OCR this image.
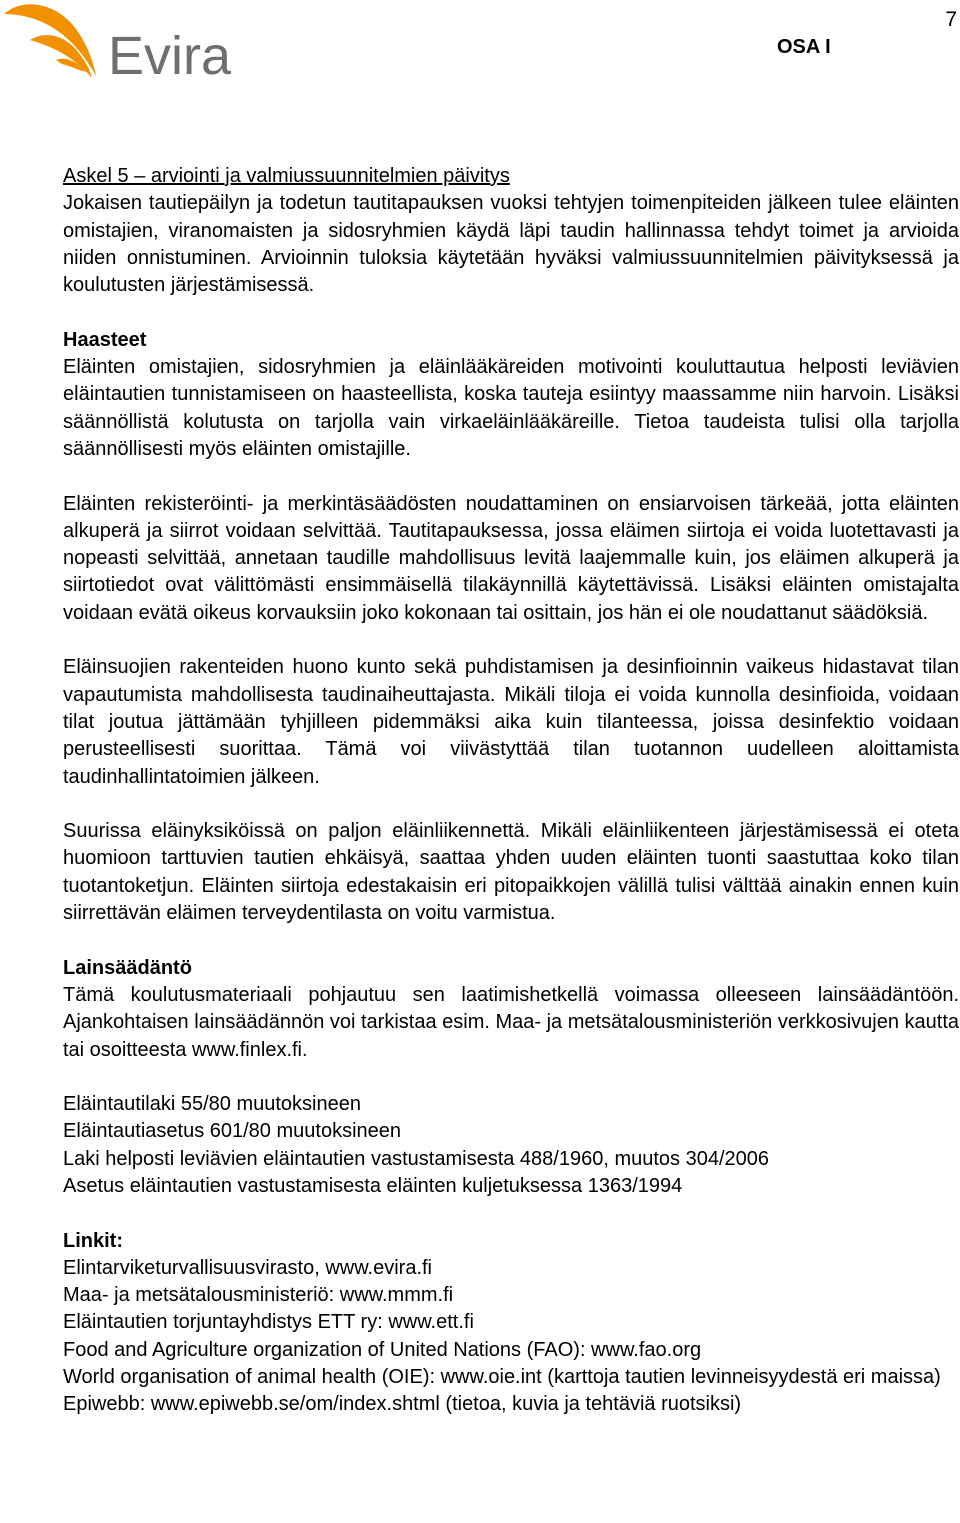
Evira
7
OSA I

Askel 5 – arviointi ja valmiussuunnitelmien päivitys

Jokaisen tautiepäilyn ja todetun tautitapauksen vuoksi tehtyjen toimenpiteiden jälkeen tulee eläinten omistajien, viranomaisten ja sidosryhmien käydä läpi taudin hallinnassa tehdyt toimet ja arvioida niiden onnistuminen. Arvioinnin tuloksia käytetään hyväksi valmiussuunnitelmien päivityksessä ja koulutusten järjestämisessä.

Haasteet

Eläinten omistajien, sidosryhmien ja eläinlääkäreiden motivointi kouluttautua helposti leviävien eläintautien tunnistamiseen on haasteellista, koska tauteja esiintyy maassamme niin harvoin. Lisäksi säännöllistä kolutusta on tarjolla vain virkaeläinlääkäreille. Tietoa taudeista tulisi olla tarjolla säännöllisesti myös eläinten omistajille.

Eläinten rekisteröinti- ja merkintäsäädösten noudattaminen on ensiarvoisen tärkeää, jotta eläinten alkuperä ja siirrot voidaan selvittää. Tautitapauksessa, jossa eläimen siirtoja ei voida luotettavasti ja nopeasti selvittää, annetaan taudille mahdollisuus levitä laajemmalle kuin, jos eläimen alkuperä ja siirtotiedot ovat välittömästi ensimmäisellä tilakäynnillä käytettävissä. Lisäksi eläinten omistajalta voidaan evätä oikeus korvauksiin joko kokonaan tai osittain, jos hän ei ole noudattanut säädöksiä.

Eläinsuojien rakenteiden huono kunto sekä puhdistamisen ja desinfioinnin vaikeus hidastavat tilan vapautumista mahdollisesta taudinaiheuttajasta. Mikäli tiloja ei voida kunnolla desinfioida, voidaan tilat joutua jättämään tyhjilleen pidemmäksi aika kuin tilanteessa, joissa desinfektio voidaan perusteellisesti suorittaa. Tämä voi viivästyttää tilan tuotannon uudelleen aloittamista taudinhallintatoimien jälkeen.

Suurissa eläinyksiköissä on paljon eläinliikennettä. Mikäli eläinliikenteen järjestämisessä ei oteta huomioon tarttuvien tautien ehkäisyä, saattaa yhden uuden eläinten tuonti saastuttaa koko tilan tuotantoketjun. Eläinten siirtoja edestakaisin eri pitopaikkojen välillä tulisi välttää ainakin ennen kuin siirrettävän eläimen terveydentilasta on voitu varmistua.

Lainsäädäntö

Tämä koulutusmateriaali pohjautuu sen laatimishetkellä voimassa olleeseen lainsäädäntöön. Ajankohtaisen lainsäädännön voi tarkistaa esim. Maa- ja metsätalousministeriön verkkosivujen kautta tai osoitteesta www.finlex.fi.

Eläintautilaki 55/80 muutoksineen

Eläintautiasetus 601/80 muutoksineen

Laki helposti leviävien eläintautien vastustamisesta 488/1960, muutos 304/2006

Asetus eläintautien vastustamisesta eläinten kuljetuksessa 1363/1994

Linkit:

Elintarviketurvallisuusvirasto, www.evira.fi

Maa- ja metsätalousministeriö: www.mmm.fi

Eläintautien torjuntayhdistys ETT ry: www.ett.fi

Food and Agriculture organization of United Nations (FAO): www.fao.org

World organisation of animal health (OIE): www.oie.int (karttoja tautien levinneisyydestä eri maissa)

Epiwebb: www.epiwebb.se/om/index.shtml (tietoa, kuvia ja tehtäviä ruotsiksi)
